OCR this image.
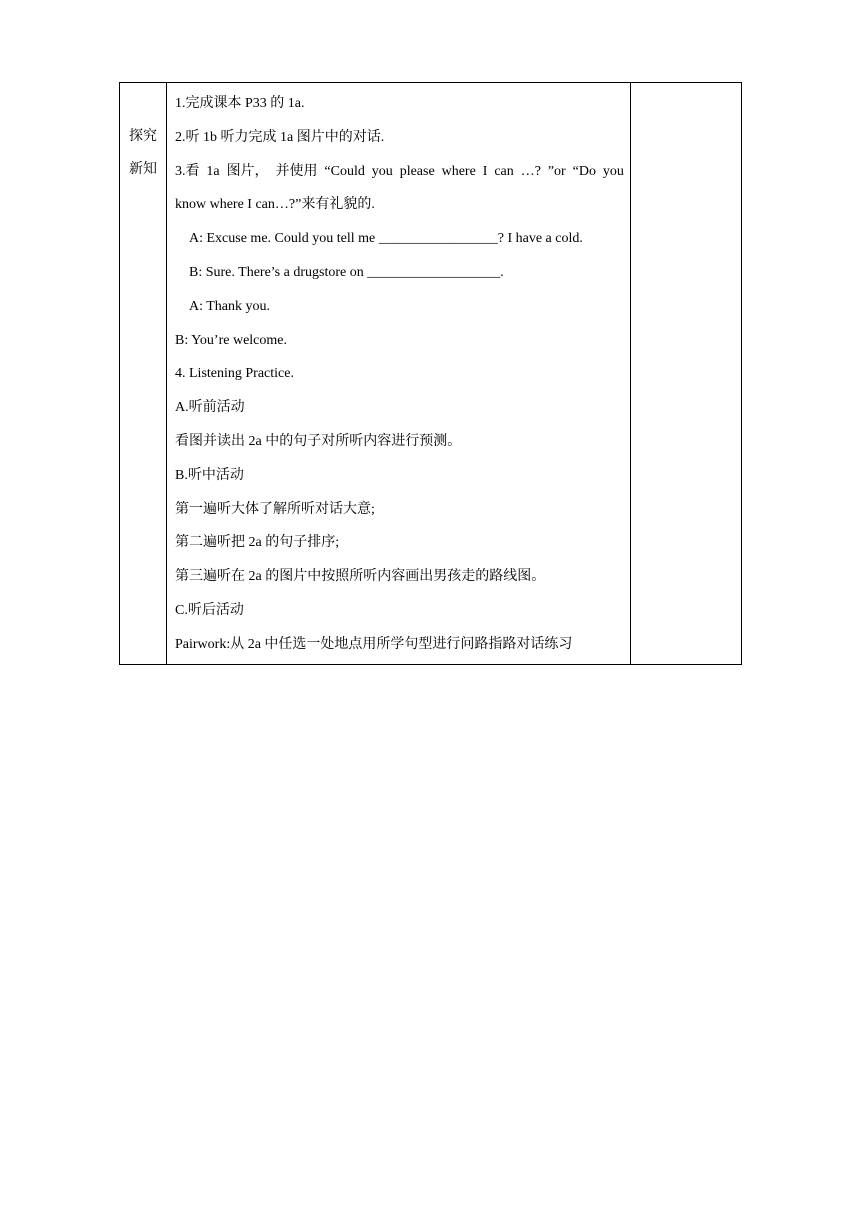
探究
新知

1.完成课本 P33 的 1a.
2.听 1b 听力完成 1a 图片中的对话.
3.看 1a 图片， 并使用 “Could you please where I can …? ”or “Do you
know where I can…?”来有礼貌的.
A: Excuse me. Could you tell me _________________? I have a cold.
B: Sure. There’s a drugstore on ___________________.
A: Thank you.
B: You’re welcome.
4. Listening Practice.
A.听前活动
看图并读出 2a 中的句子对所听内容进行预测。
B.听中活动
第一遍听大体了解所听对话大意;
第二遍听把 2a 的句子排序;
第三遍听在 2a 的图片中按照所听内容画出男孩走的路线图。
C.听后活动
Pairwork:从 2a 中任选一处地点用所学句型进行问路指路对话练习
